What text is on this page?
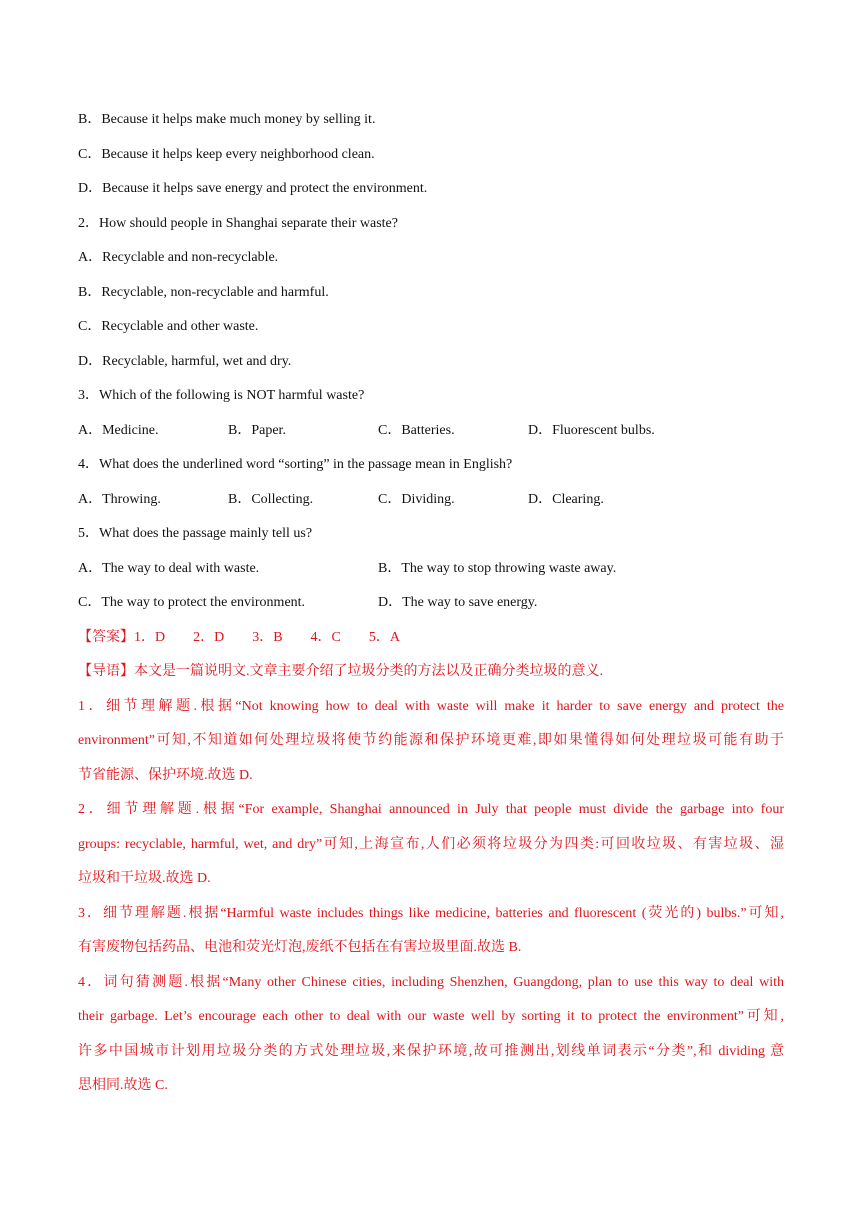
B．Because it helps make much money by selling it.
C．Because it helps keep every neighborhood clean.
D．Because it helps save energy and protect the environment.
2．How should people in Shanghai separate their waste?
A．Recyclable and non-recyclable.
B．Recyclable, non-recyclable and harmful.
C．Recyclable and other waste.
D．Recyclable, harmful, wet and dry.
3．Which of the following is NOT harmful waste?
A．Medicine.	B．Paper.	C．Batteries.	D．Fluorescent bulbs.
4．What does the underlined word “sorting” in the passage mean in English?
A．Throwing.	B．Collecting.	C．Dividing.	D．Clearing.
5．What does the passage mainly tell us?
A．The way to deal with waste.	B．The way to stop throwing waste away.
C．The way to protect the environment.	D．The way to save energy.
【答案】1．D　　2．D　　3．B　　4．C　　5．A
【导语】本文是一篇说明文.文章主要介绍了垃圾分类的方法以及正确分类垃圾的意义.
1．细节理解题.根据“Not knowing how to deal with waste will make it harder to save energy and protect the
environment”可知,不知道如何处理垃圾将使节约能源和保护环境更难,即如果懂得如何处理垃圾可能有助于
节省能源、保护环境.故选 D.
2．细节理解题.根据“For example, Shanghai announced in July that people must divide the garbage into four
groups: recyclable, harmful, wet, and dry”可知,上海宣布,人们必须将垃圾分为四类:可回收垃圾、有害垃圾、湿
垃圾和干垃圾.故选 D.
3．细节理解题.根据“Harmful waste includes things like medicine, batteries and fluorescent (荧光的) bulbs.”可知,
有害废物包括药品、电池和荧光灯泡,废纸不包括在有害垃圾里面.故选 B.
4．词句猜测题.根据“Many other Chinese cities, including Shenzhen, Guangdong, plan to use this way to deal with
their garbage. Let’s encourage each other to deal with our waste well by sorting it to protect the environment”可知,
许多中国城市计划用垃圾分类的方式处理垃圾,来保护环境,故可推测出,划线单词表示“分类”,和 dividing 意
思相同.故选 C.
